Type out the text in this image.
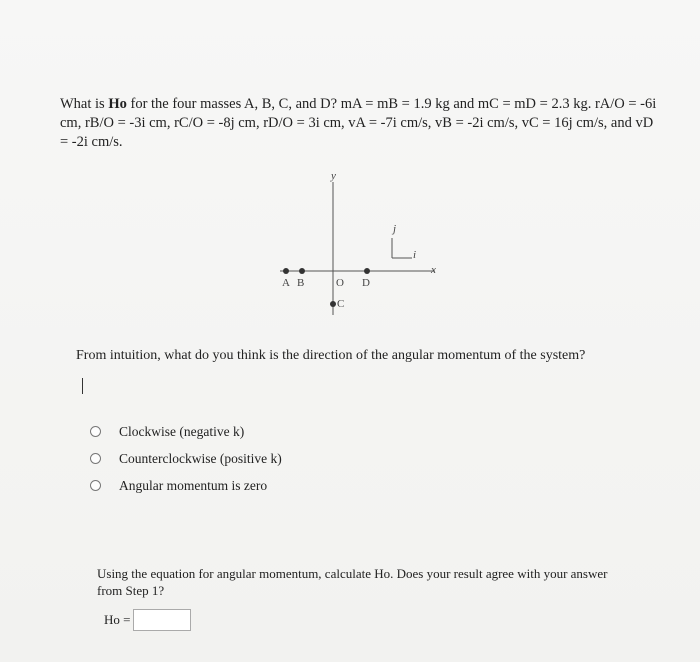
What is Ho for the four masses A, B, C, and D? mA = mB = 1.9 kg and mC = mD = 2.3 kg. rA/O = -6i cm, rB/O = -3i cm, rC/O = -8j cm, rD/O = 3i cm, vA = -7i cm/s, vB = -2i cm/s, vC = 16j cm/s, and vD = -2i cm/s.
y
x
j
i
A B	O D
C
From intuition, what do you think is the direction of the angular momentum of the system?
Clockwise (negative k)
Counterclockwise (positive k)
Angular momentum is zero
Using the equation for angular momentum, calculate Ho. Does your result agree with your answer from Step 1?
Ho =
